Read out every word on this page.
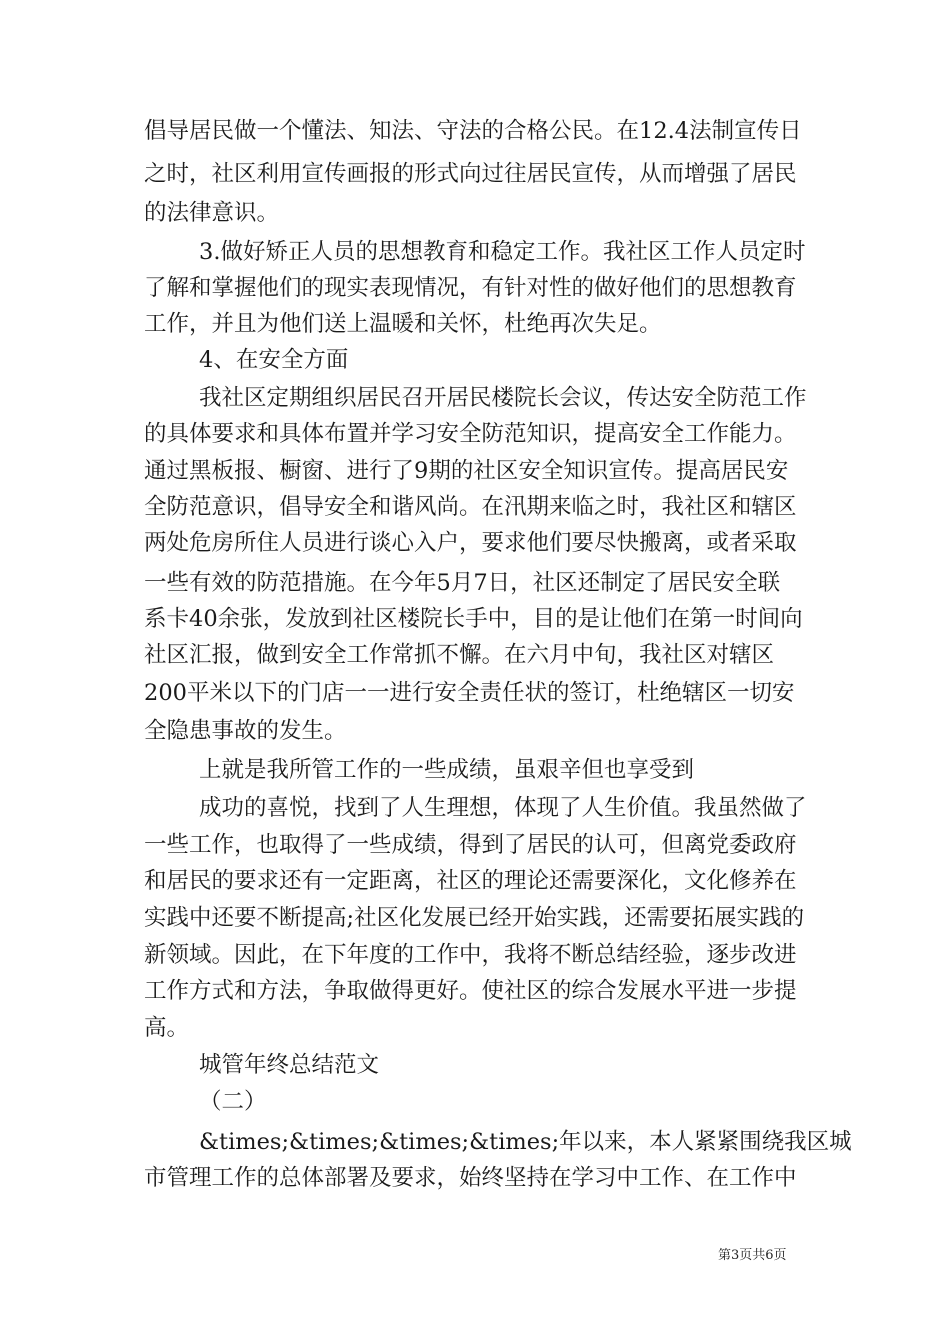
倡导居民做一个懂法、知法、守法的合格公民。在12.4法制宣传日
之时，社区利用宣传画报的形式向过往居民宣传，从而增强了居民
的法律意识。
3.做好矫正人员的思想教育和稳定工作。我社区工作人员定时
了解和掌握他们的现实表现情况，有针对性的做好他们的思想教育
工作，并且为他们送上温暖和关怀，杜绝再次失足。
4、在安全方面
我社区定期组织居民召开居民楼院长会议，传达安全防范工作
的具体要求和具体布置并学习安全防范知识，提高安全工作能力。
通过黑板报、橱窗、进行了9期的社区安全知识宣传。提高居民安
全防范意识，倡导安全和谐风尚。在汛期来临之时，我社区和辖区
两处危房所住人员进行谈心入户，要求他们要尽快搬离，或者采取
一些有效的防范措施。在今年5月7日，社区还制定了居民安全联
系卡40余张，发放到社区楼院长手中，目的是让他们在第一时间向
社区汇报，做到安全工作常抓不懈。在六月中旬，我社区对辖区
200平米以下的门店一一进行安全责任状的签订，杜绝辖区一切安
全隐患事故的发生。
上就是我所管工作的一些成绩，虽艰辛但也享受到
成功的喜悦，找到了人生理想，体现了人生价值。我虽然做了
一些工作，也取得了一些成绩，得到了居民的认可，但离党委政府
和居民的要求还有一定距离，社区的理论还需要深化，文化修养在
实践中还要不断提高;社区化发展已经开始实践，还需要拓展实践的
新领域。因此，在下年度的工作中，我将不断总结经验，逐步改进
工作方式和方法，争取做得更好。使社区的综合发展水平进一步提
高。
城管年终总结范文
（二）
&times;&times;&times;&times;年以来，本人紧紧围绕我区城
市管理工作的总体部署及要求，始终坚持在学习中工作、在工作中
第3页共6页
